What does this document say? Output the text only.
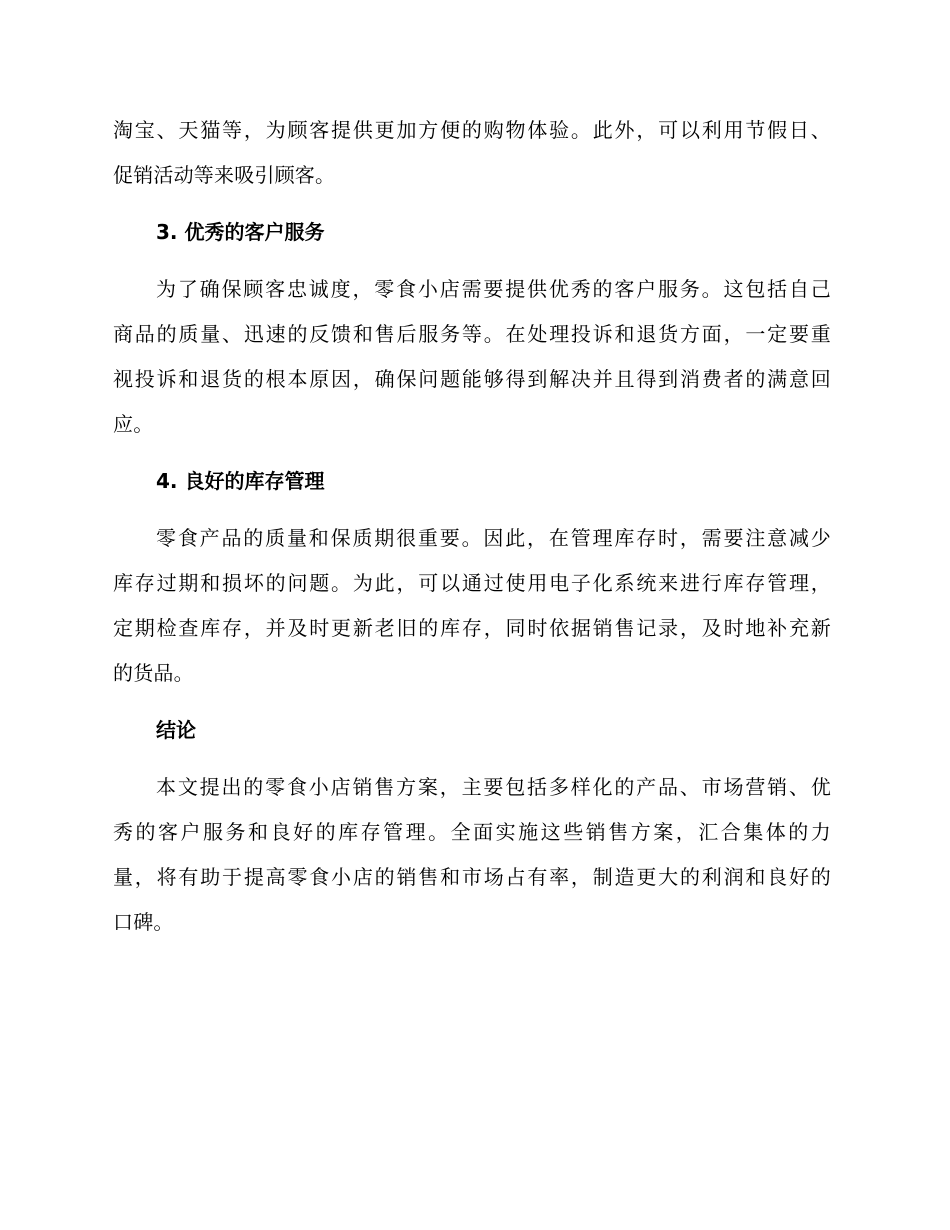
淘宝、天猫等，为顾客提供更加方便的购物体验。此外，可以利用节假日、
促销活动等来吸引顾客。
3. 优秀的客户服务
为了确保顾客忠诚度，零食小店需要提供优秀的客户服务。这包括自己
商品的质量、迅速的反馈和售后服务等。在处理投诉和退货方面，一定要重
视投诉和退货的根本原因，确保问题能够得到解决并且得到消费者的满意回
应。
4. 良好的库存管理
零食产品的质量和保质期很重要。因此，在管理库存时，需要注意减少
库存过期和损坏的问题。为此，可以通过使用电子化系统来进行库存管理，
定期检查库存，并及时更新老旧的库存，同时依据销售记录，及时地补充新
的货品。
结论
本文提出的零食小店销售方案，主要包括多样化的产品、市场营销、优
秀的客户服务和良好的库存管理。全面实施这些销售方案，汇合集体的力
量，将有助于提高零食小店的销售和市场占有率，制造更大的利润和良好的
口碑。
